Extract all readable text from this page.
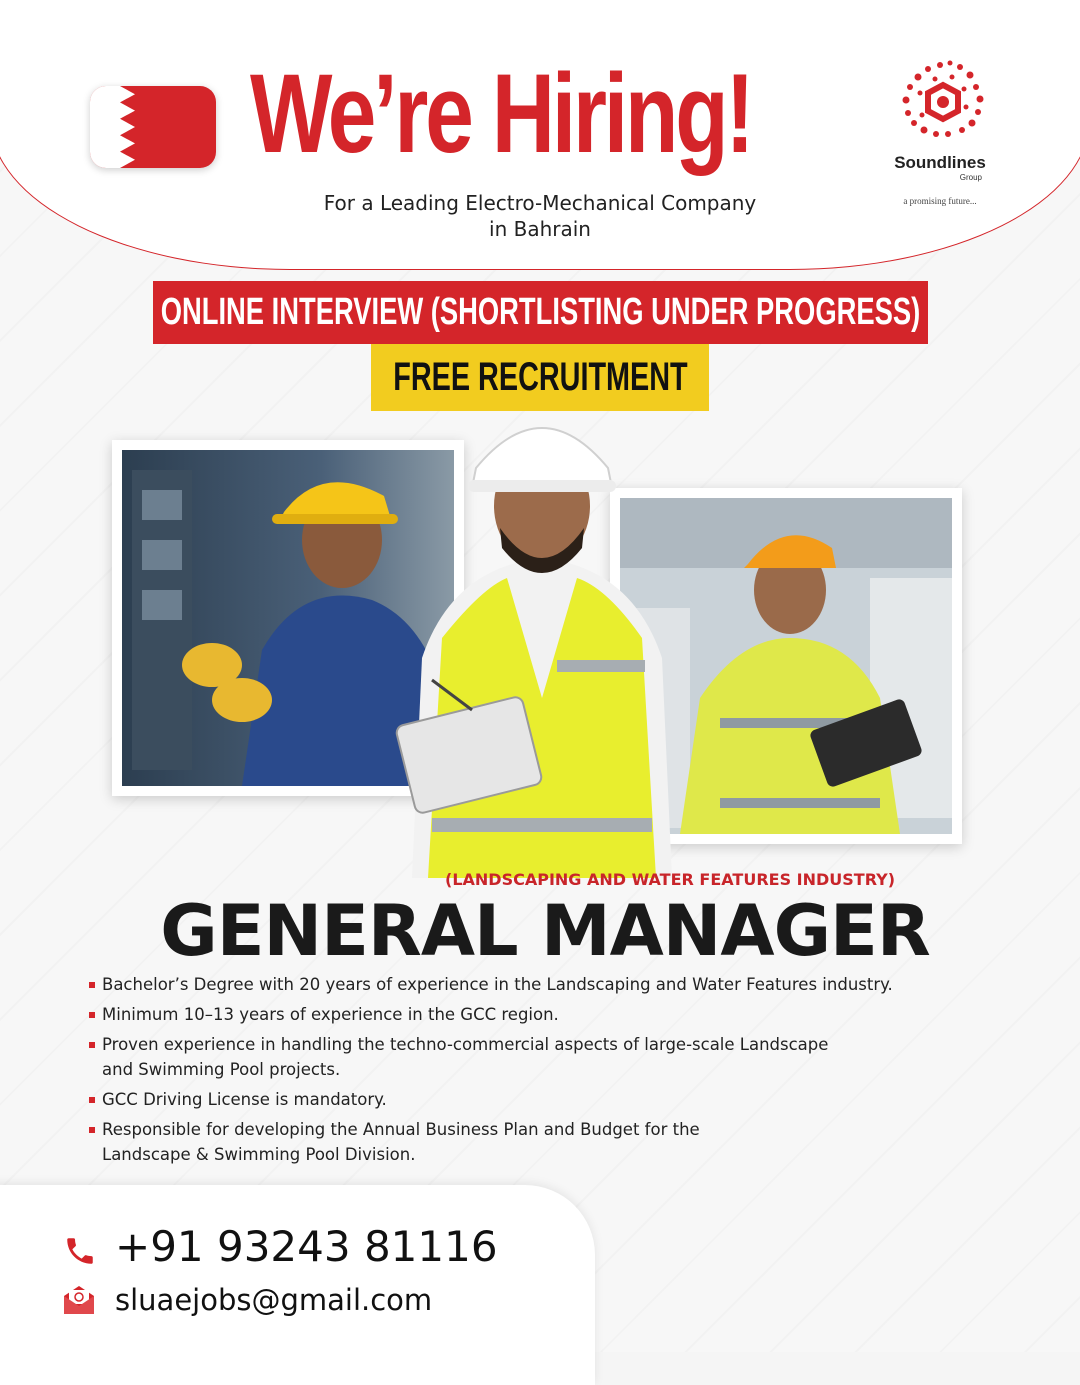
We’re Hiring!
For a Leading Electro-Mechanical Company
in Bahrain
Soundlines
Group
a promising future...
ONLINE INTERVIEW (SHORTLISTING UNDER PROGRESS)
FREE RECRUITMENT
(LANDSCAPING AND WATER FEATURES INDUSTRY)
GENERAL MANAGER
Bachelor’s Degree with 20 years of experience in the Landscaping and Water Features industry.
Minimum 10–13 years of experience in the GCC region.
Proven experience in handling the techno-commercial aspects of large-scale Landscape and Swimming Pool projects.
GCC Driving License is mandatory.
Responsible for developing the Annual Business Plan and Budget for the Landscape & Swimming Pool Division.
+91 93243 81116
sluaejobs@gmail.com
